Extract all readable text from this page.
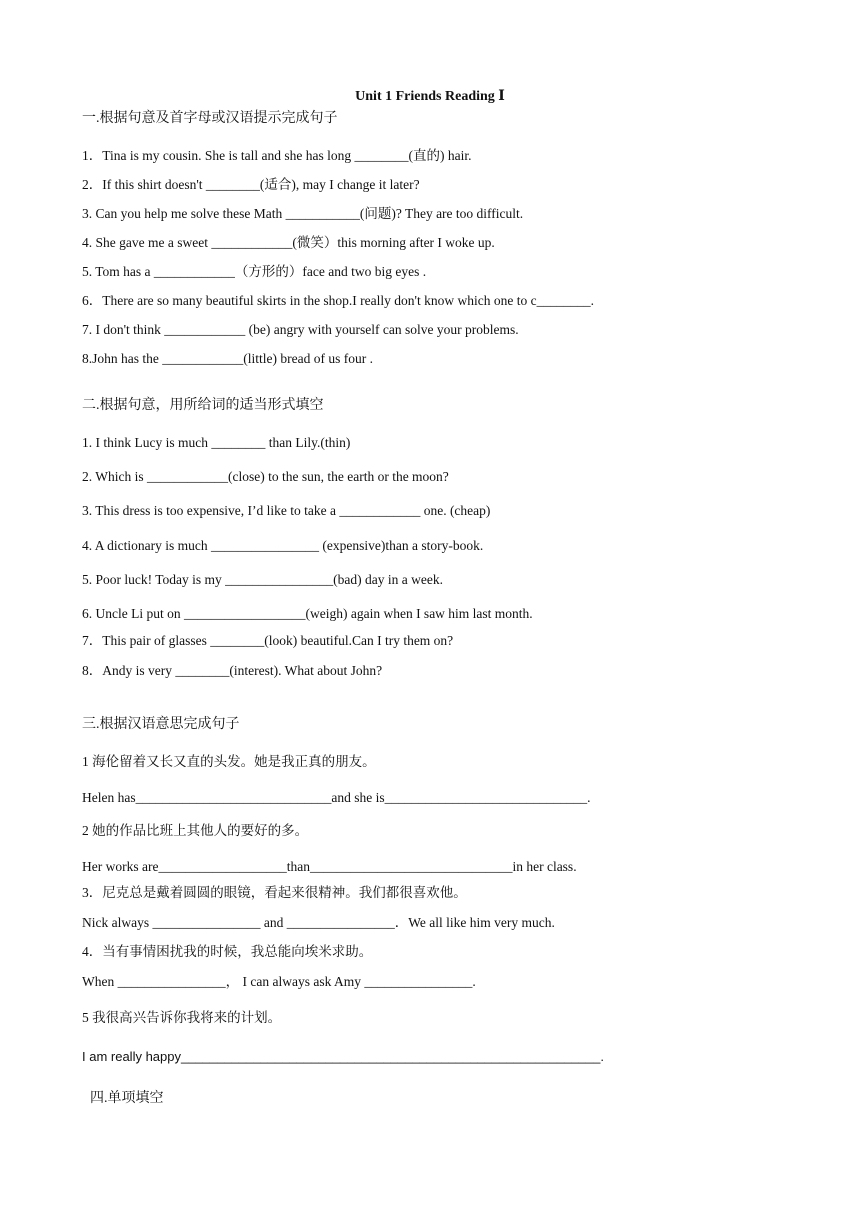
Unit 1 Friends Reading Ⅰ
一.根据句意及首字母或汉语提示完成句子
1．Tina is my cousin. She is tall and she has long ________(直的) hair.
2．If this shirt doesn't ________(适合), may I change it later?
3. Can you help me solve these Math ___________(问题)? They are too difficult.
4. She gave me a sweet ____________(微笑）this morning after I woke up.
5. Tom has a ____________（方形的）face and two big eyes .
6．There are so many beautiful skirts in the shop.I really don't know which one to c________.
7. I don't think ____________ (be) angry with yourself can solve your problems.
8.John has the ____________(little) bread of us four .
二.根据句意，用所给词的适当形式填空
1. I think Lucy is much ________ than Lily.(thin)
2. Which is ____________(close) to the sun, the earth or the moon?
3. This dress is too expensive, I’d like to take a ____________ one. (cheap)
4. A dictionary is much ________________ (expensive)than a story-book.
5. Poor luck! Today is my ________________(bad) day in a week.
6. Uncle Li put on __________________(weigh) again when I saw him last month.
7．This pair of glasses ________(look) beautiful.Can I try them on?
8．Andy is very ________(interest). What about John?
三.根据汉语意思完成句子
1 海伦留着又长又直的头发。她是我正真的朋友。
Helen has_____________________________and she is______________________________.
2 她的作品比班上其他人的要好的多。
Her works are___________________than______________________________in her class.
3．尼克总是戴着圆圆的眼镜，看起来很精神。我们都很喜欢他。
Nick always ________________ and ________________．We all like him very much.
4．当有事情困扰我的时候，我总能向埃米求助。
When ________________， I can always ask Amy ________________.
5 我很高兴告诉你我将来的计划。
I am really happy__________________________________________________________.
四.单项填空
